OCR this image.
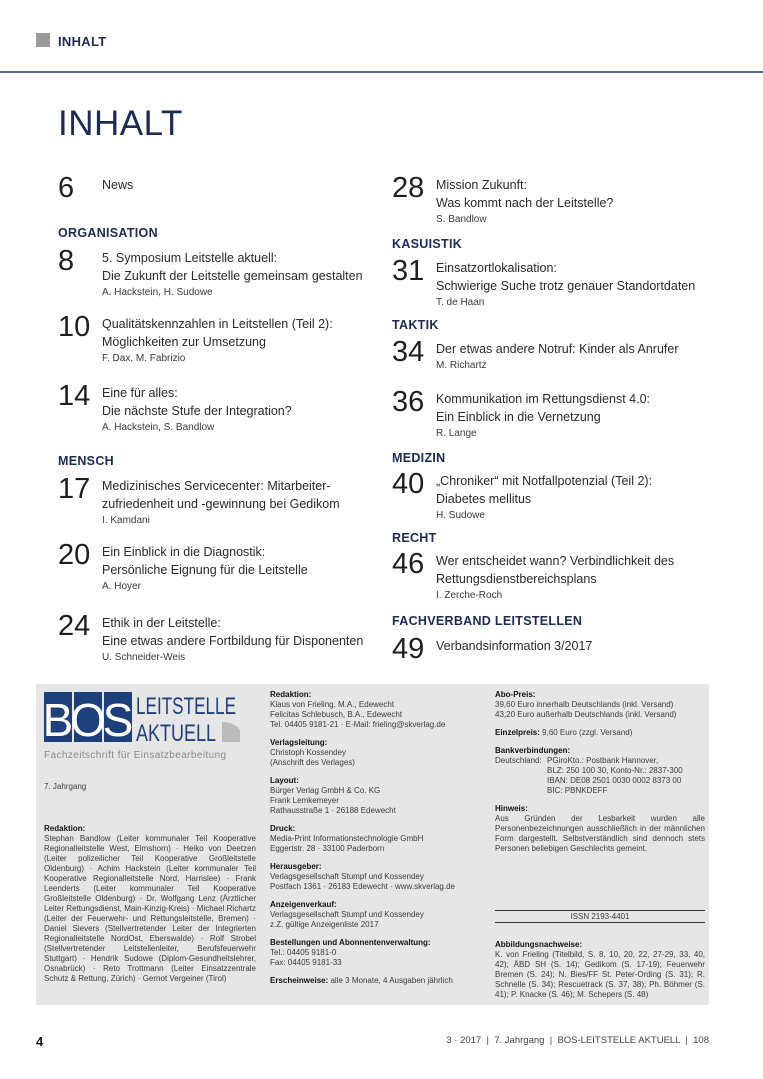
INHALT
INHALT
6 News
ORGANISATION
8 5. Symposium Leitstelle aktuell:
Die Zukunft der Leitstelle gemeinsam gestalten
A. Hackstein, H. Sudowe
10 Qualitätskennzahlen in Leitstellen (Teil 2):
Möglichkeiten zur Umsetzung
F. Dax, M. Fabrizio
14 Eine für alles:
Die nächste Stufe der Integration?
A. Hackstein, S. Bandlow
MENSCH
17 Medizinisches Servicecenter: Mitarbeiter-
zufriedenheit und -gewinnung bei Gedikom
I. Kamdani
20 Ein Einblick in die Diagnostik:
Persönliche Eignung für die Leitstelle
A. Hoyer
24 Ethik in der Leitstelle:
Eine etwas andere Fortbildung für Disponenten
U. Schneider-Weis
28 Mission Zukunft:
Was kommt nach der Leitstelle?
S. Bandlow
KASUISTIK
31 Einsatzortlokalisation:
Schwierige Suche trotz genauer Standortdaten
T. de Haan
TAKTIK
34 Der etwas andere Notruf: Kinder als Anrufer
M. Richartz
36 Kommunikation im Rettungsdienst 4.0:
Ein Einblick in die Vernetzung
R. Lange
MEDIZIN
40 „Chroniker“ mit Notfallpotenzial (Teil 2):
Diabetes mellitus
H. Sudowe
RECHT
46 Wer entscheidet wann? Verbindlichkeit des
Rettungsdienstbereichsplans
I. Zerche-Roch
FACHVERBAND LEITSTELLEN
49 Verbandsinformation 3/2017
B
O
S LEITSTELLE
AKTUELL
Fachzeitschrift für Einsatzbearbeitung
7. Jahrgang
Redaktion:
Stephan Bandlow (Leiter kommunaler Teil Kooperative Regionalleitstelle West, Elmshorn) · Heiko von Deetzen (Leiter polizeilicher Teil Kooperative Großleitstelle Oldenburg) · Achim Hackstein (Leiter kommunaler Teil Kooperative Regionalleitstelle Nord, Harrislee) · Frank Leenderts (Leiter kommunaler Teil Kooperative Großleitstelle Oldenburg) · Dr. Wolfgang Lenz (Ärztlicher Leiter Rettungsdienst, Main-Kinzig-Kreis) · Michael Richartz (Leiter der Feuerwehr- und Rettungsleitstelle, Bremen) · Daniel Sievers (Stellvertretender Leiter der Integrierten Regionalleitstelle NordOst, Eberswalde) · Rolf Strobel (Stellvertretender Leitstellenleiter, Berufsfeuerwehr Stuttgart) · Hendrik Sudowe (Diplom-Gesundheitslehrer, Osnabrück) · Reto Trottmann (Leiter Einsatzzentrale Schutz & Rettung, Zürich) · Gernot Vergeiner (Tirol)
Redaktion:
Klaus von Frieling, M.A., Edewecht
Felicitas Schlebusch, B.A., Edewecht
Tel. 04405 9181-21 · E-Mail: frieling@skverlag.de
Verlagsleitung:
Christoph Kossendey
(Anschrift des Verlages)
Layout:
Bürger Verlag GmbH & Co. KG
Frank Lemkemeyer
Rathausstraße 1 · 26188 Edewecht
Druck:
Media-Print Informationstechnologie GmbH
Eggertstr. 28 · 33100 Paderborn
Herausgeber:
Verlagsgesellschaft Stumpf und Kossendey
Postfach 1361 · 26183 Edewecht · www.skverlag.de
Anzeigenverkauf:
Verlagsgesellschaft Stumpf und Kossendey
z.Z. gültige Anzeigenliste 2017
Bestellungen und Abonnentenverwaltung:
Tel.: 04405 9181-0
Fax: 04405 9181-33
Erscheinweise: alle 3 Monate, 4 Ausgaben jährlich
Abo-Preis:
39,60 Euro innerhalb Deutschlands (inkl. Versand)
43,20 Euro außerhalb Deutschlands (inkl. Versand)
Einzelpreis: 9,60 Euro (zzgl. Versand)
Bankverbindungen:
Deutschland: PGiroKto.: Postbank Hannover,
BLZ: 250 100 30, Konto-Nr.: 2837-300
IBAN: DE08 2501 0030 0002 8373 00
BIC: PBNKDEFF
Hinweis:
Aus Gründen der Lesbarkeit wurden alle Personenbezeichnungen ausschließlich in der männlichen Form dargestellt. Selbstverständlich sind dennoch stets Personen beliebigen Geschlechts gemeint.
ISSN 2193-4401
Abbildungsnachweise:
K. von Frieling (Titelbild, S. 8, 10, 20, 22, 27-29, 33, 40, 42); ÄBD SH (S. 14); Gedikom (S. 17-19); Feuerwehr Bremen (S. 24); N. Bies/FF St. Peter-Ording (S. 31); R. Schnelle (S. 34); Rescuetrack (S. 37, 38); Ph. Böhmer (S. 41); P. Knacke (S. 46); M. Schepers (S. 48)
4	3 · 2017  |  7. Jahrgang  |  BOS-LEITSTELLE AKTUELL  |  108
